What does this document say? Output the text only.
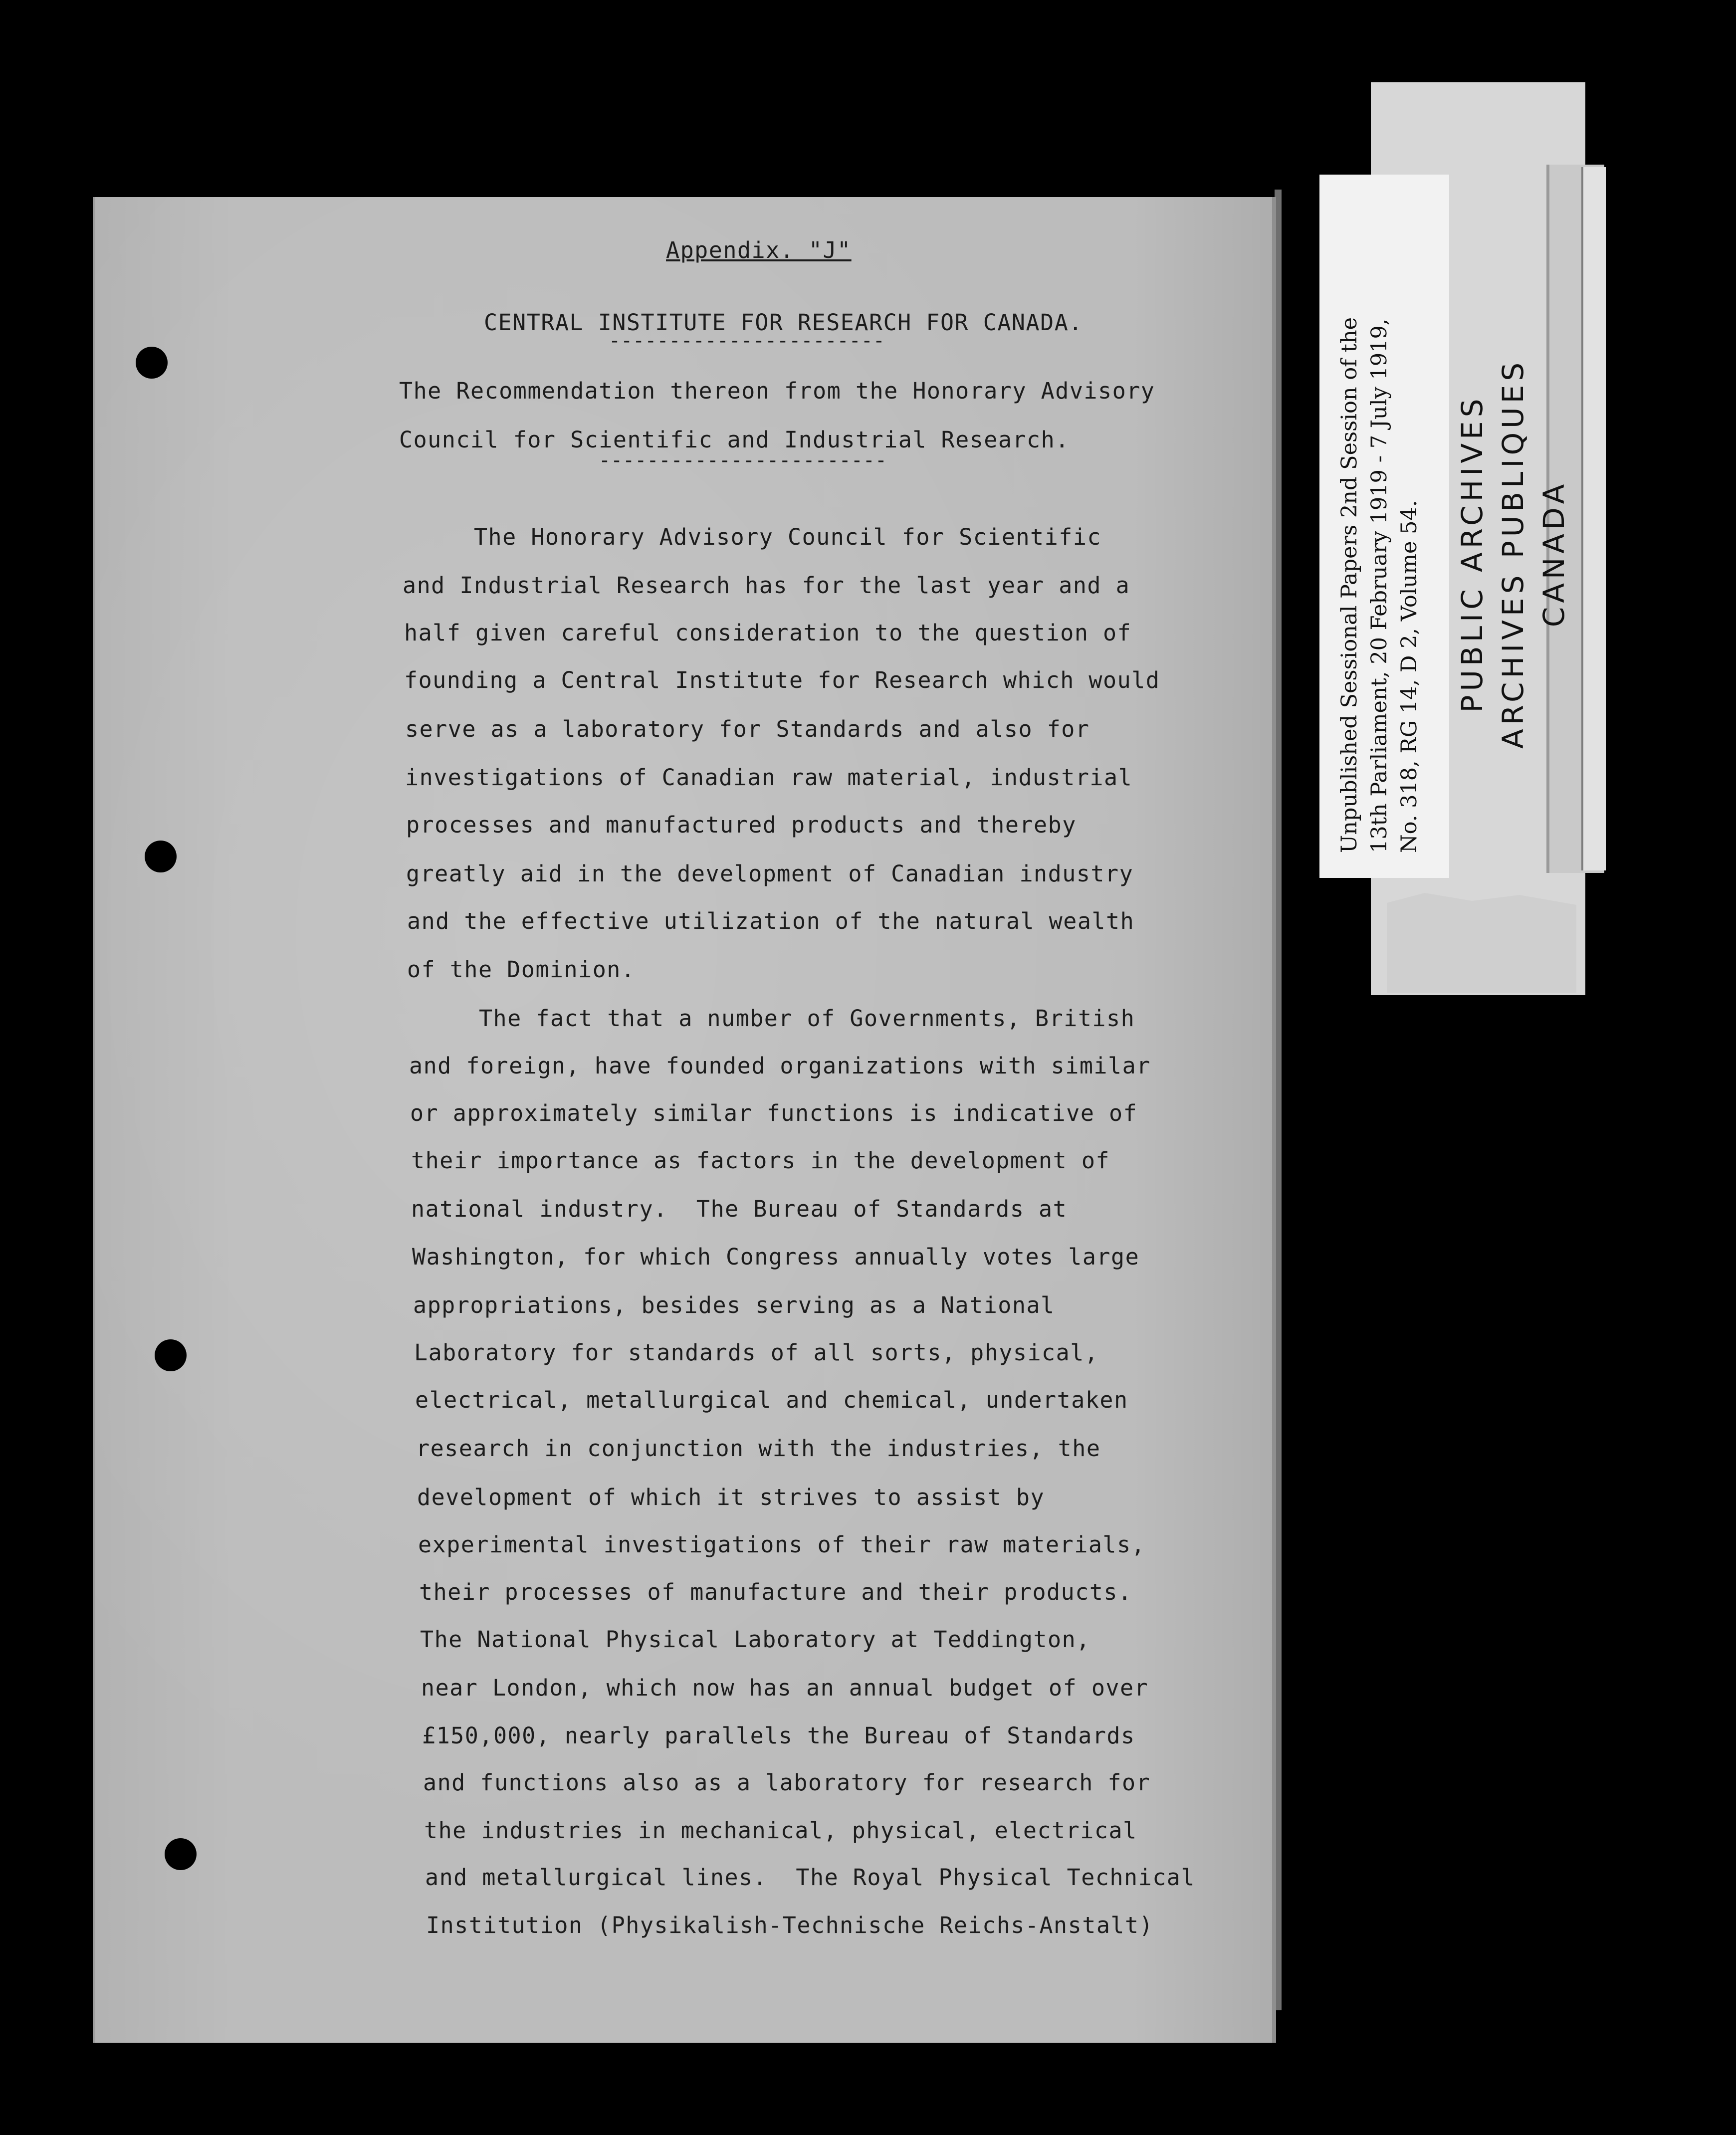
Unpublished Sessional Papers 2nd Session of the 13th Parliament, 20 February 1919 - 7 July 1919, No. 318, RG 14, D 2, Volume 54. PUBLIC ARCHIVES ARCHIVES PUBLIQUES CANADA
Appendix. "J"
CENTRAL INSTITUTE FOR RESEARCH FOR CANADA.
-----------------------
The Recommendation thereon from the Honorary Advisory
Council for Scientific and Industrial Research.
------------------------
The Honorary Advisory Council for Scientific
and Industrial Research has for the last year and a
half given careful consideration to the question of
founding a Central Institute for Research which would
serve as a laboratory for Standards and also for
investigations of Canadian raw material, industrial
processes and manufactured products and thereby
greatly aid in the development of Canadian industry
and the effective utilization of the natural wealth
of the Dominion.
The fact that a number of Governments, British
and foreign, have founded organizations with similar
or approximately similar functions is indicative of
their importance as factors in the development of
national industry.  The Bureau of Standards at
Washington, for which Congress annually votes large
appropriations, besides serving as a National
Laboratory for standards of all sorts, physical,
electrical, metallurgical and chemical, undertaken
research in conjunction with the industries, the
development of which it strives to assist by
experimental investigations of their raw materials,
their processes of manufacture and their products.
The National Physical Laboratory at Teddington,
near London, which now has an annual budget of over
£150,000, nearly parallels the Bureau of Standards
and functions also as a laboratory for research for
the industries in mechanical, physical, electrical
and metallurgical lines.  The Royal Physical Technical
Institution (Physikalish-Technische Reichs-Anstalt)
